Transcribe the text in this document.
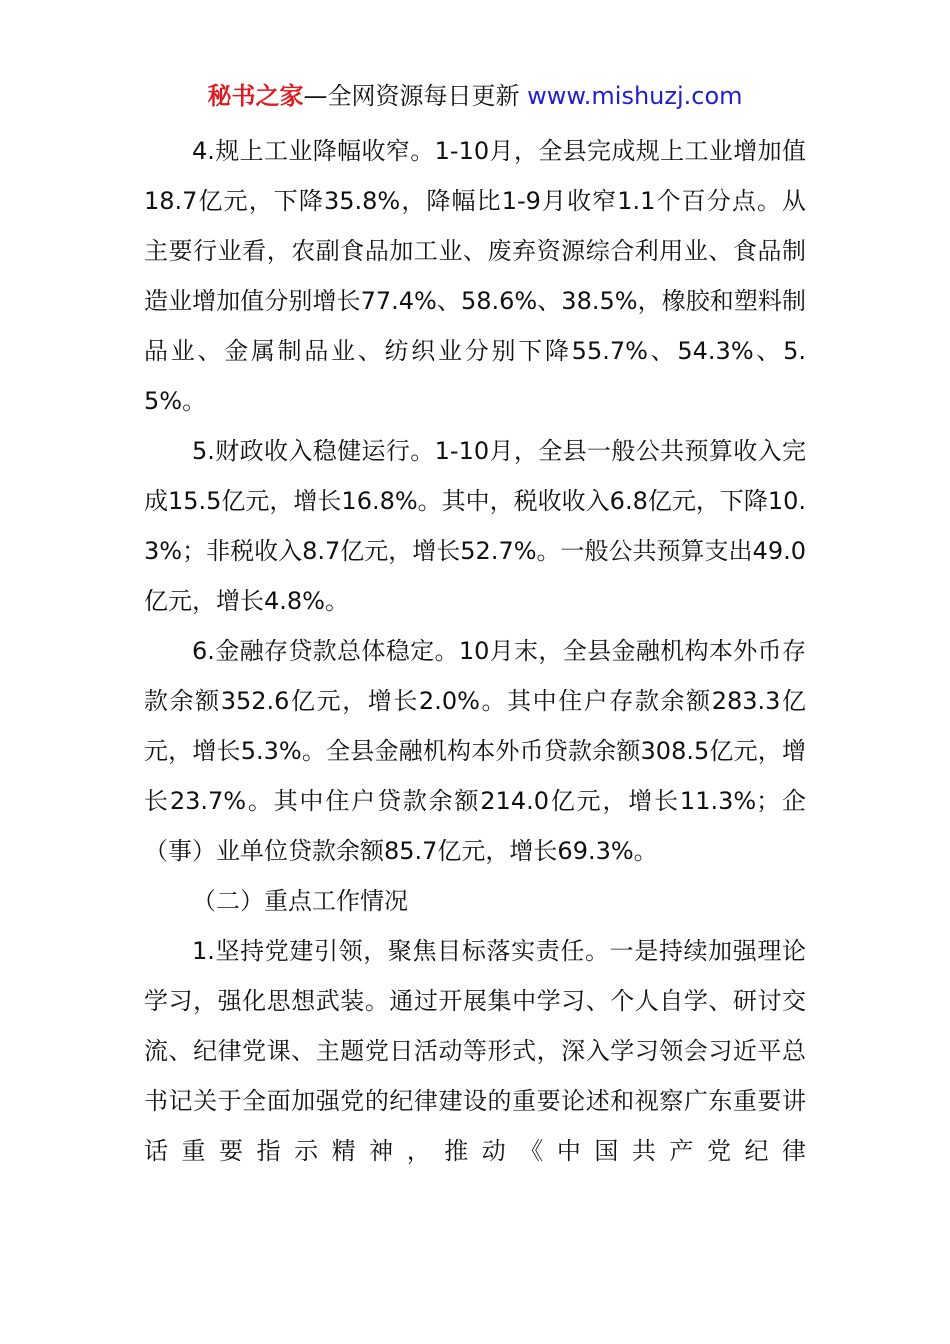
秘书之家—全网资源每日更新 www.mishuzj.com

4.规上工业降幅收窄。1-10月，全县完成规上工业增加值18.7亿元，下降35.8%，降幅比1-9月收窄1.1个百分点。从主要行业看，农副食品加工业、废弃资源综合利用业、食品制造业增加值分别增长77.4%、58.6%、38.5%，橡胶和塑料制品业、金属制品业、纺织业分别下降55.7%、54.3%、5.5%。

5.财政收入稳健运行。1-10月，全县一般公共预算收入完成15.5亿元，增长16.8%。其中，税收收入6.8亿元，下降10.3%；非税收入8.7亿元，增长52.7%。一般公共预算支出49.0亿元，增长4.8%。

6.金融存贷款总体稳定。10月末，全县金融机构本外币存款余额352.6亿元，增长2.0%。其中住户存款余额283.3亿元，增长5.3%。全县金融机构本外币贷款余额308.5亿元，增长23.7%。其中住户贷款余额214.0亿元，增长11.3%；企（事）业单位贷款余额85.7亿元，增长69.3%。

（二）重点工作情况

1.坚持党建引领，聚焦目标落实责任。一是持续加强理论学习，强化思想武装。通过开展集中学习、个人自学、研讨交流、纪律党课、主题党日活动等形式，深入学习领会习近平总书记关于全面加强党的纪律建设的重要论述和视察广东重要讲话重要指示精神，推动《中国共产党纪律
